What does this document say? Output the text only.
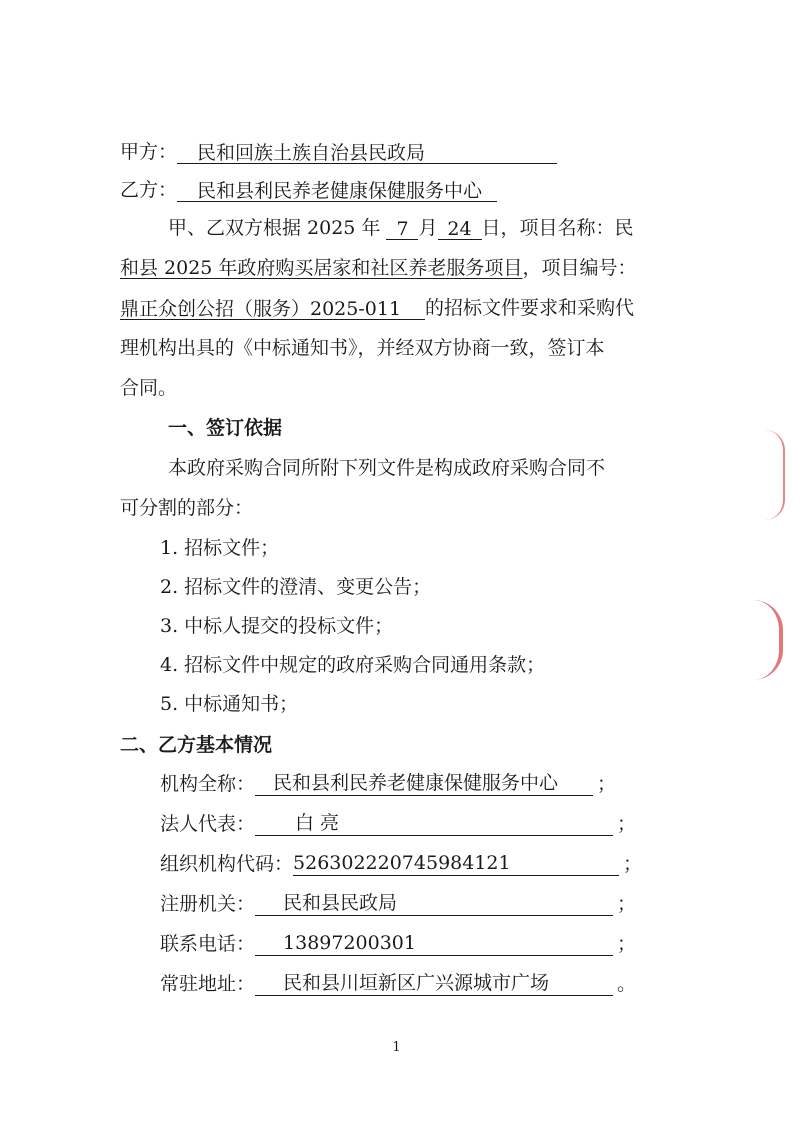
甲方： 民和回族土族自治县民政局
乙方： 民和县利民养老健康保健服务中心
甲、乙双方根据 2025 年 7 月 24 日，项目名称：民
和县 2025 年政府购买居家和社区养老服务项目，项目编号：
鼎正众创公招（服务）2025-011 的招标文件要求和采购代
理机构出具的《中标通知书》，并经双方协商一致，签订本
合同。
一、签订依据
本政府采购合同所附下列文件是构成政府采购合同不
可分割的部分：
1. 招标文件；
2. 招标文件的澄清、变更公告；
3. 中标人提交的投标文件；
4. 招标文件中规定的政府采购合同通用条款；
5. 中标通知书；
二、乙方基本情况
机构全称： 民和县利民养老健康保健服务中心 ；
法人代表： 白 亮	；
组织机构代码：526302220745984121	；
注册机关： 民和县民政局	；
联系电话： 13897200301	；
常驻地址： 民和县川垣新区广兴源城市广场	。
1
